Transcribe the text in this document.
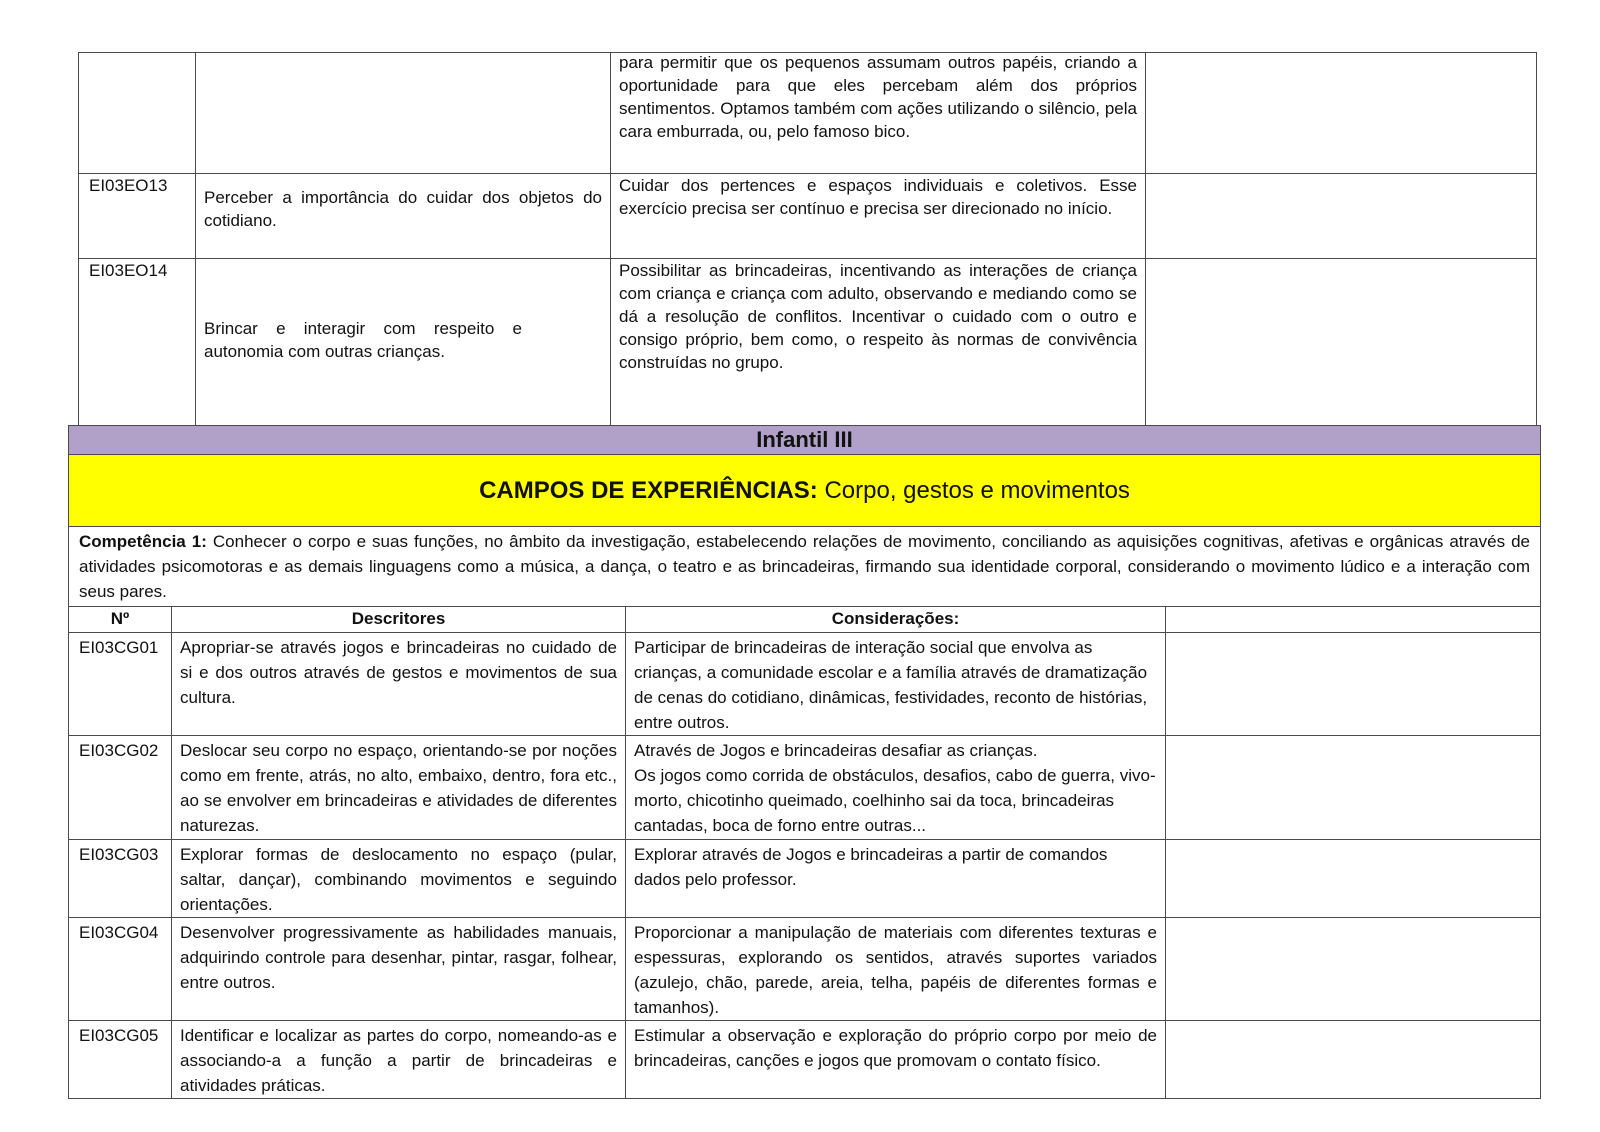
		para permitir que os pequenos assumam outros papéis, criando a oportunidade para que eles percebam além dos próprios sentimentos. Optamos também com ações utilizando o silêncio, pela cara emburrada, ou, pelo famoso bico.	

EI03EO13	Perceber a importância do cuidar dos objetos do cotidiano.	Cuidar dos pertences e espaços individuais e coletivos. Esse exercício precisa ser contínuo e precisa ser direcionado no início.	
EI03EO14	Brincar e interagir com respeito e autonomia com outras crianças.	Possibilitar as brincadeiras, incentivando as interações de criança com criança e criança com adulto, observando e mediando como se dá a resolução de conflitos. Incentivar o cuidado com o outro e consigo próprio, bem como, o respeito às normas de convivência construídas no grupo.	

Infantil III			
CAMPOS DE EXPERIÊNCIAS: Corpo, gestos e movimentos			
Competência 1: Conhecer o corpo e suas funções, no âmbito da investigação, estabelecendo relações de movimento, conciliando as aquisições cognitivas, afetivas e orgânicas através de atividades psicomotoras e as demais linguagens como a música, a dança, o teatro e as brincadeiras, firmando sua identidade corporal, considerando o movimento lúdico e a interação com seus pares.			
Nº	Descritores	Considerações:	
EI03CG01	Apropriar-se através jogos e brincadeiras no cuidado de si e dos outros através de gestos e movimentos de sua cultura.	Participar de brincadeiras de interação social que envolva as crianças, a comunidade escolar e a família através de dramatização de cenas do cotidiano, dinâmicas, festividades, reconto de histórias, entre outros.	
EI03CG02	Deslocar seu corpo no espaço, orientando-se por noções como em frente, atrás, no alto, embaixo, dentro, fora etc., ao se envolver em brincadeiras e atividades de diferentes naturezas.	Através de Jogos e brincadeiras desafiar as crianças.
Os jogos como corrida de obstáculos, desafios, cabo de guerra, vivo-morto, chicotinho queimado, coelhinho sai da toca, brincadeiras cantadas, boca de forno entre outras...	

EI03CG03	Explorar formas de deslocamento no espaço (pular, saltar, dançar), combinando movimentos e seguindo orientações.	Explorar através de Jogos e brincadeiras a partir de comandos dados pelo professor.	
EI03CG04	Desenvolver progressivamente as habilidades manuais, adquirindo controle para desenhar, pintar, rasgar, folhear, entre outros.	Proporcionar a manipulação de materiais com diferentes texturas e espessuras, explorando os sentidos, através suportes variados (azulejo, chão, parede, areia, telha, papéis de diferentes formas e tamanhos).	
EI03CG05	Identificar e localizar as partes do corpo, nomeando-as e associando-a a função a partir de brincadeiras e atividades práticas.	Estimular a observação e exploração do próprio corpo por meio de brincadeiras, canções e jogos que promovam o contato físico.	
